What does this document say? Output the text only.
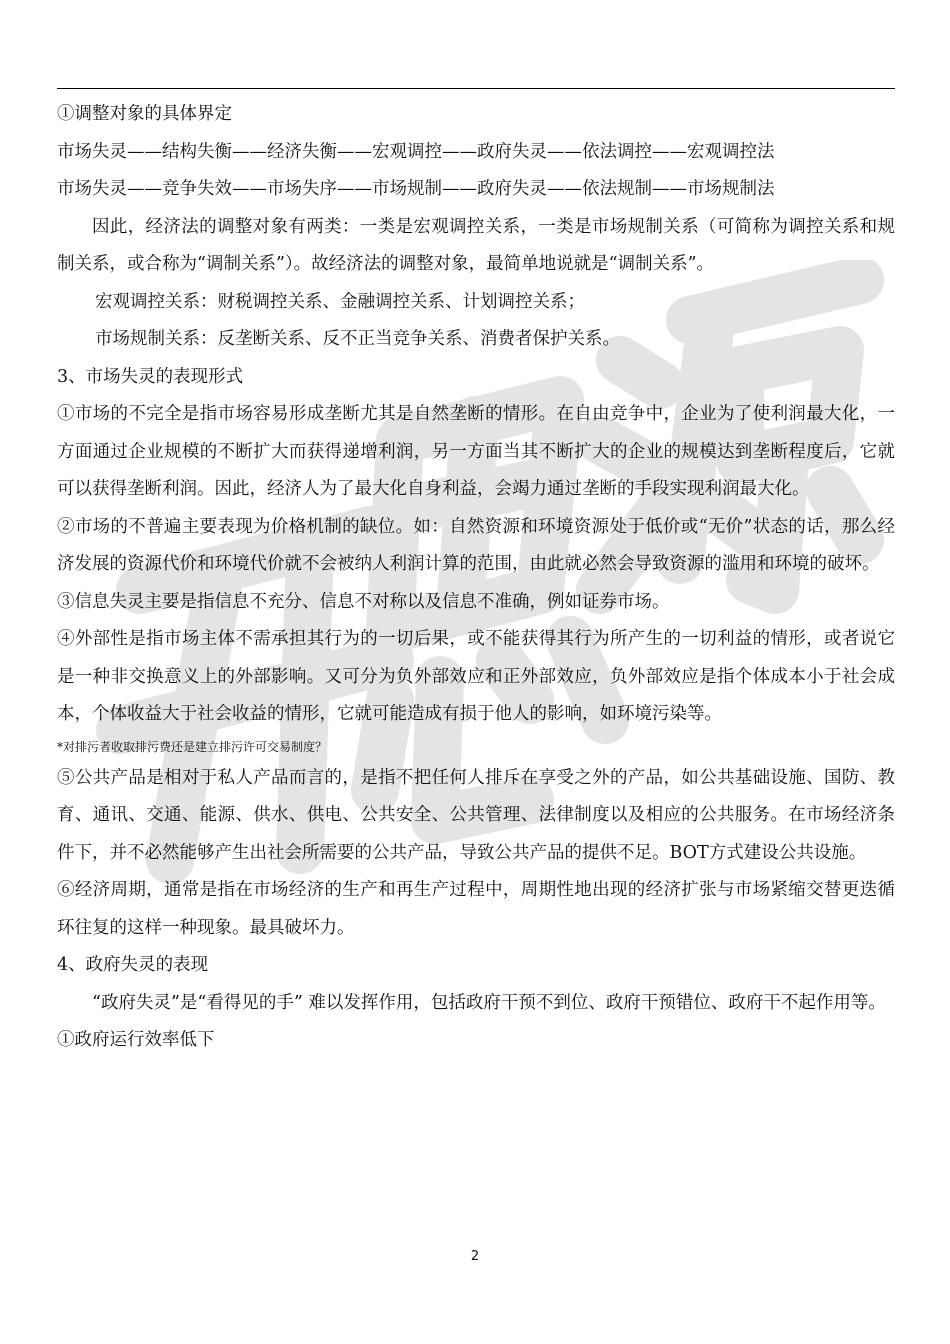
①调整对象的具体界定

市场失灵——结构失衡——经济失衡——宏观调控——政府失灵——依法调控——宏观调控法

市场失灵——竞争失效——市场失序——市场规制——政府失灵——依法规制——市场规制法

因此，经济法的调整对象有两类：一类是宏观调控关系，一类是市场规制关系（可简称为调控关系和规制关系，或合称为“调制关系”）。故经济法的调整对象，最简单地说就是“调制关系”。

宏观调控关系：财税调控关系、金融调控关系、计划调控关系；

市场规制关系：反垄断关系、反不正当竞争关系、消费者保护关系。

3、市场失灵的表现形式

①市场的不完全是指市场容易形成垄断尤其是自然垄断的情形。在自由竞争中，企业为了使利润最大化，一方面通过企业规模的不断扩大而获得递增利润，另一方面当其不断扩大的企业的规模达到垄断程度后，它就可以获得垄断利润。因此，经济人为了最大化自身利益，会竭力通过垄断的手段实现利润最大化。

②市场的不普遍主要表现为价格机制的缺位。如：自然资源和环境资源处于低价或“无价”状态的话，那么经济发展的资源代价和环境代价就不会被纳人利润计算的范围，由此就必然会导致资源的滥用和环境的破坏。

③信息失灵主要是指信息不充分、信息不对称以及信息不准确，例如证券市场。

④外部性是指市场主体不需承担其行为的一切后果，或不能获得其行为所产生的一切利益的情形，或者说它是一种非交换意义上的外部影响。又可分为负外部效应和正外部效应，负外部效应是指个体成本小于社会成本，个体收益大于社会收益的情形，它就可能造成有损于他人的影响，如环境污染等。

*对排污者收取排污费还是建立排污许可交易制度？

⑤公共产品是相对于私人产品而言的，是指不把任何人排斥在享受之外的产品，如公共基础设施、国防、教育、通讯、交通、能源、供水、供电、公共安全、公共管理、法律制度以及相应的公共服务。在市场经济条件下，并不必然能够产生出社会所需要的公共产品，导致公共产品的提供不足。BOT方式建设公共设施。

⑥经济周期，通常是指在市场经济的生产和再生产过程中，周期性地出现的经济扩张与市场紧缩交替更迭循环往复的这样一种现象。最具破坏力。

4、政府失灵的表现

“政府失灵”是“看得见的手” 难以发挥作用，包括政府干预不到位、政府干预错位、政府干不起作用等。

①政府运行效率低下

2
